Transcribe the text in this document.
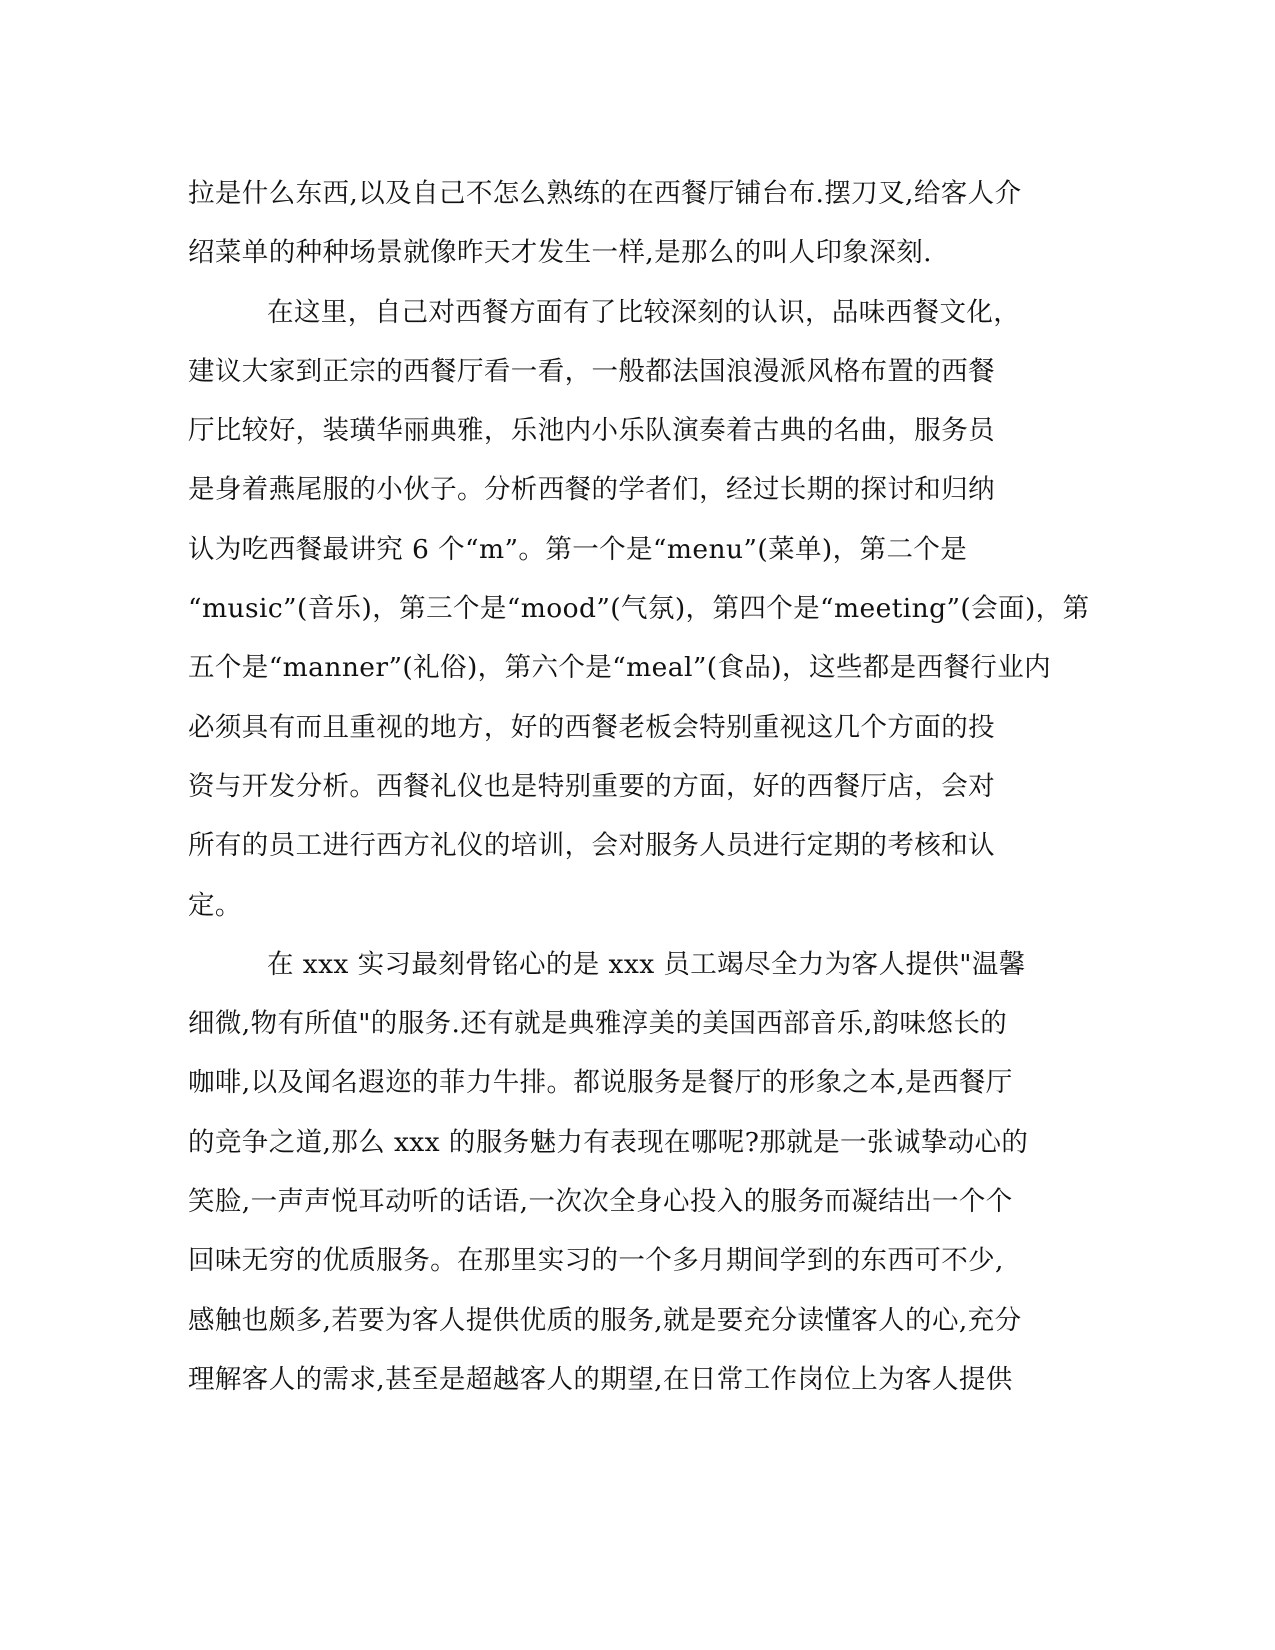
拉是什么东西,以及自己不怎么熟练的在西餐厅铺台布.摆刀叉,给客人介
绍菜单的种种场景就像昨天才发生一样,是那么的叫人印象深刻.
在这里，自己对西餐方面有了比较深刻的认识，品味西餐文化，
建议大家到正宗的西餐厅看一看，一般都法国浪漫派风格布置的西餐
厅比较好，装璜华丽典雅，乐池内小乐队演奏着古典的名曲，服务员
是身着燕尾服的小伙子。分析西餐的学者们，经过长期的探讨和归纳
认为吃西餐最讲究 6 个“m”。第一个是“menu”(菜单)，第二个是
“music”(音乐)，第三个是“mood”(气氛)，第四个是“meeting”(会面)，第
五个是“manner”(礼俗)，第六个是“meal”(食品)，这些都是西餐行业内
必须具有而且重视的地方，好的西餐老板会特别重视这几个方面的投
资与开发分析。西餐礼仪也是特别重要的方面，好的西餐厅店，会对
所有的员工进行西方礼仪的培训，会对服务人员进行定期的考核和认
定。
在 xxx 实习最刻骨铭心的是 xxx 员工竭尽全力为客人提供"温馨
细微,物有所值"的服务.还有就是典雅淳美的美国西部音乐,韵味悠长的
咖啡,以及闻名遐迩的菲力牛排。都说服务是餐厅的形象之本,是西餐厅
的竞争之道,那么 xxx 的服务魅力有表现在哪呢?那就是一张诚挚动心的
笑脸,一声声悦耳动听的话语,一次次全身心投入的服务而凝结出一个个
回味无穷的优质服务。在那里实习的一个多月期间学到的东西可不少,
感触也颇多,若要为客人提供优质的服务,就是要充分读懂客人的心,充分
理解客人的需求,甚至是超越客人的期望,在日常工作岗位上为客人提供
